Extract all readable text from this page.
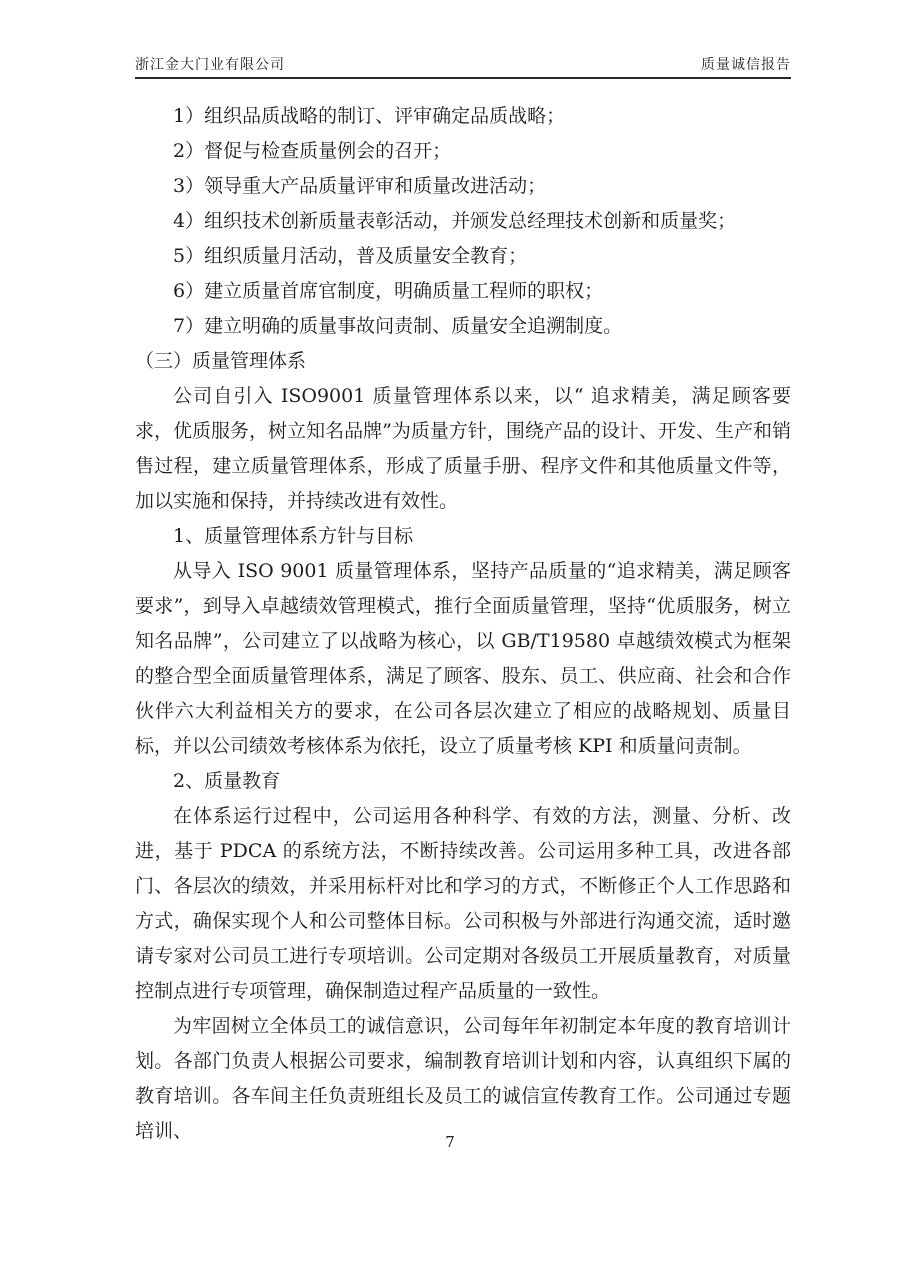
浙江金大门业有限公司	质量诚信报告

1）组织品质战略的制订、评审确定品质战略；

2）督促与检查质量例会的召开；

3）领导重大产品质量评审和质量改进活动；

4）组织技术创新质量表彰活动，并颁发总经理技术创新和质量奖；

5）组织质量月活动，普及质量安全教育；

6）建立质量首席官制度，明确质量工程师的职权；

7）建立明确的质量事故问责制、质量安全追溯制度。

（三）质量管理体系

公司自引入 ISO9001 质量管理体系以来，以“ 追求精美，满足顾客要求，优质服务，树立知名品牌”为质量方针，围绕产品的设计、开发、生产和销售过程，建立质量管理体系，形成了质量手册、程序文件和其他质量文件等，加以实施和保持，并持续改进有效性。

1、质量管理体系方针与目标

从导入 ISO 9001 质量管理体系，坚持产品质量的“追求精美，满足顾客要求”，到导入卓越绩效管理模式，推行全面质量管理，坚持“优质服务，树立知名品牌”，公司建立了以战略为核心，以 GB/T19580 卓越绩效模式为框架的整合型全面质量管理体系，满足了顾客、股东、员工、供应商、社会和合作伙伴六大利益相关方的要求，在公司各层次建立了相应的战略规划、质量目标，并以公司绩效考核体系为依托，设立了质量考核 KPI 和质量问责制。

2、质量教育

在体系运行过程中，公司运用各种科学、有效的方法，测量、分析、改进，基于 PDCA 的系统方法，不断持续改善。公司运用多种工具，改进各部门、各层次的绩效，并采用标杆对比和学习的方式，不断修正个人工作思路和方式，确保实现个人和公司整体目标。公司积极与外部进行沟通交流，适时邀请专家对公司员工进行专项培训。公司定期对各级员工开展质量教育，对质量控制点进行专项管理，确保制造过程产品质量的一致性。

为牢固树立全体员工的诚信意识，公司每年年初制定本年度的教育培训计划。各部门负责人根据公司要求，编制教育培训计划和内容，认真组织下属的教育培训。各车间主任负责班组长及员工的诚信宣传教育工作。公司通过专题培训、	7
